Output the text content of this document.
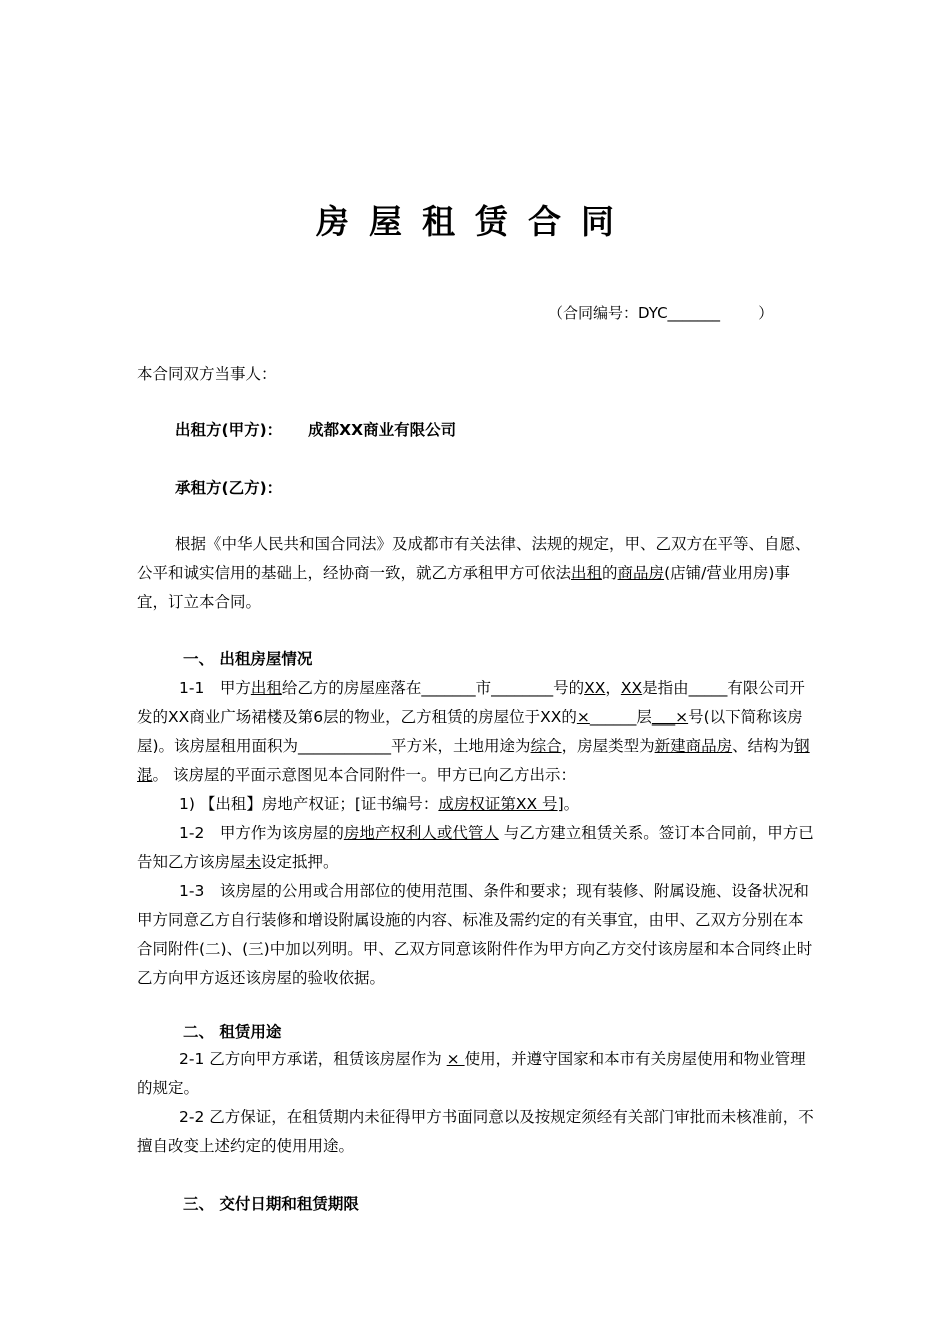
房屋租赁合同
（合同编号：DYC_______        ）
本合同双方当事人：
出租方(甲方)： 成都XX商业有限公司
承租方(乙方)：

根据《中华人民共和国合同法》及成都市有关法律、法规的规定，甲、乙双方在平等、自愿、公平和诚实信用的基础上，经协商一致，就乙方承租甲方可依法出租的商品房(店铺/营业用房)事宜，订立本合同。

一、 出租房屋情况

1-1　甲方出租给乙方的房屋座落在_______市________号的XX，XX是指由_____有限公司开发的XX商业广场裙楼及第6层的物业，乙方租赁的房屋位于XX的×______层___×号(以下简称该房屋)。该房屋租用面积为____________平方米，土地用途为综合，房屋类型为新建商品房、结构为钢混。 该房屋的平面示意图见本合同附件一。甲方已向乙方出示：

1) 【出租】房地产权证；[证书编号：成房权证第XX 号]。

1-2　甲方作为该房屋的房地产权利人或代管人 与乙方建立租赁关系。签订本合同前，甲方已告知乙方该房屋未设定抵押。

1-3　该房屋的公用或合用部位的使用范围、条件和要求；现有装修、附属设施、设备状况和甲方同意乙方自行装修和增设附属设施的内容、标准及需约定的有关事宜，由甲、乙双方分别在本合同附件(二)、(三)中加以列明。甲、乙双方同意该附件作为甲方向乙方交付该房屋和本合同终止时乙方向甲方返还该房屋的验收依据。

二、 租赁用途

2-1 乙方向甲方承诺，租赁该房屋作为 × 使用，并遵守国家和本市有关房屋使用和物业管理的规定。

2-2 乙方保证，在租赁期内未征得甲方书面同意以及按规定须经有关部门审批而未核准前，不擅自改变上述约定的使用用途。

三、 交付日期和租赁期限
